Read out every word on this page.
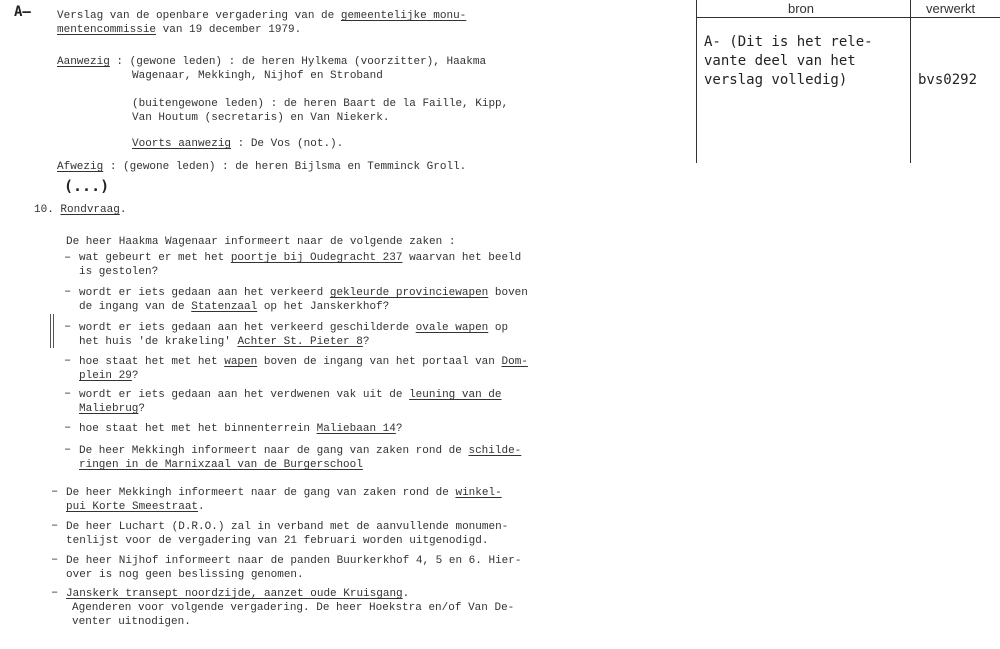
A— Verslag van de openbare vergadering van de gemeentelijke monu-
mentencommissie van 19 december 1979.
Aanwezig : (gewone leden) : de heren Hylkema (voorzitter), Haakma
Wagenaar, Mekkingh, Nijhof en Stroband
(buitengewone leden) : de heren Baart de la Faille, Kipp,
Van Houtum (secretaris) en Van Niekerk.
Voorts aanwezig : De Vos (not.).
Afwezig : (gewone leden) : de heren Bijlsma en Temminck Groll.
(...)
10. Rondvraag.
De heer Haakma Wagenaar informeert naar de volgende zaken :
– wat gebeurt er met het poortje bij Oudegracht 237 waarvan het beeld
is gestolen?
– wordt er iets gedaan aan het verkeerd gekleurde provinciewapen boven
de ingang van de Statenzaal op het Janskerkhof?
– wordt er iets gedaan aan het verkeerd geschilderde ovale wapen op
het huis 'de krakeling' Achter St. Pieter 8?
– hoe staat het met het wapen boven de ingang van het portaal van Dom-
plein 29?
– wordt er iets gedaan aan het verdwenen vak uit de leuning van de
Maliebrug?
– hoe staat het met het binnenterrein Maliebaan 14?
– De heer Mekkingh informeert naar de gang van zaken rond de schilde-
ringen in de Marnixzaal van de Burgerschool
– De heer Mekkingh informeert naar de gang van zaken rond de winkel-
pui Korte Smeestraat.
– De heer Luchart (D.R.O.) zal in verband met de aanvullende monumen-
tenlijst voor de vergadering van 21 februari worden uitgenodigd.
– De heer Nijhof informeert naar de panden Buurkerkhof 4, 5 en 6. Hier-
over is nog geen beslissing genomen.
– Janskerk transept noordzijde, aanzet oude Kruisgang.
Agenderen voor volgende vergadering. De heer Hoekstra en/of Van De-
venter uitnodigen.
bron	verwerkt
A- (Dit is het rele-
vante deel van het
verslag volledig)	bvs0292
